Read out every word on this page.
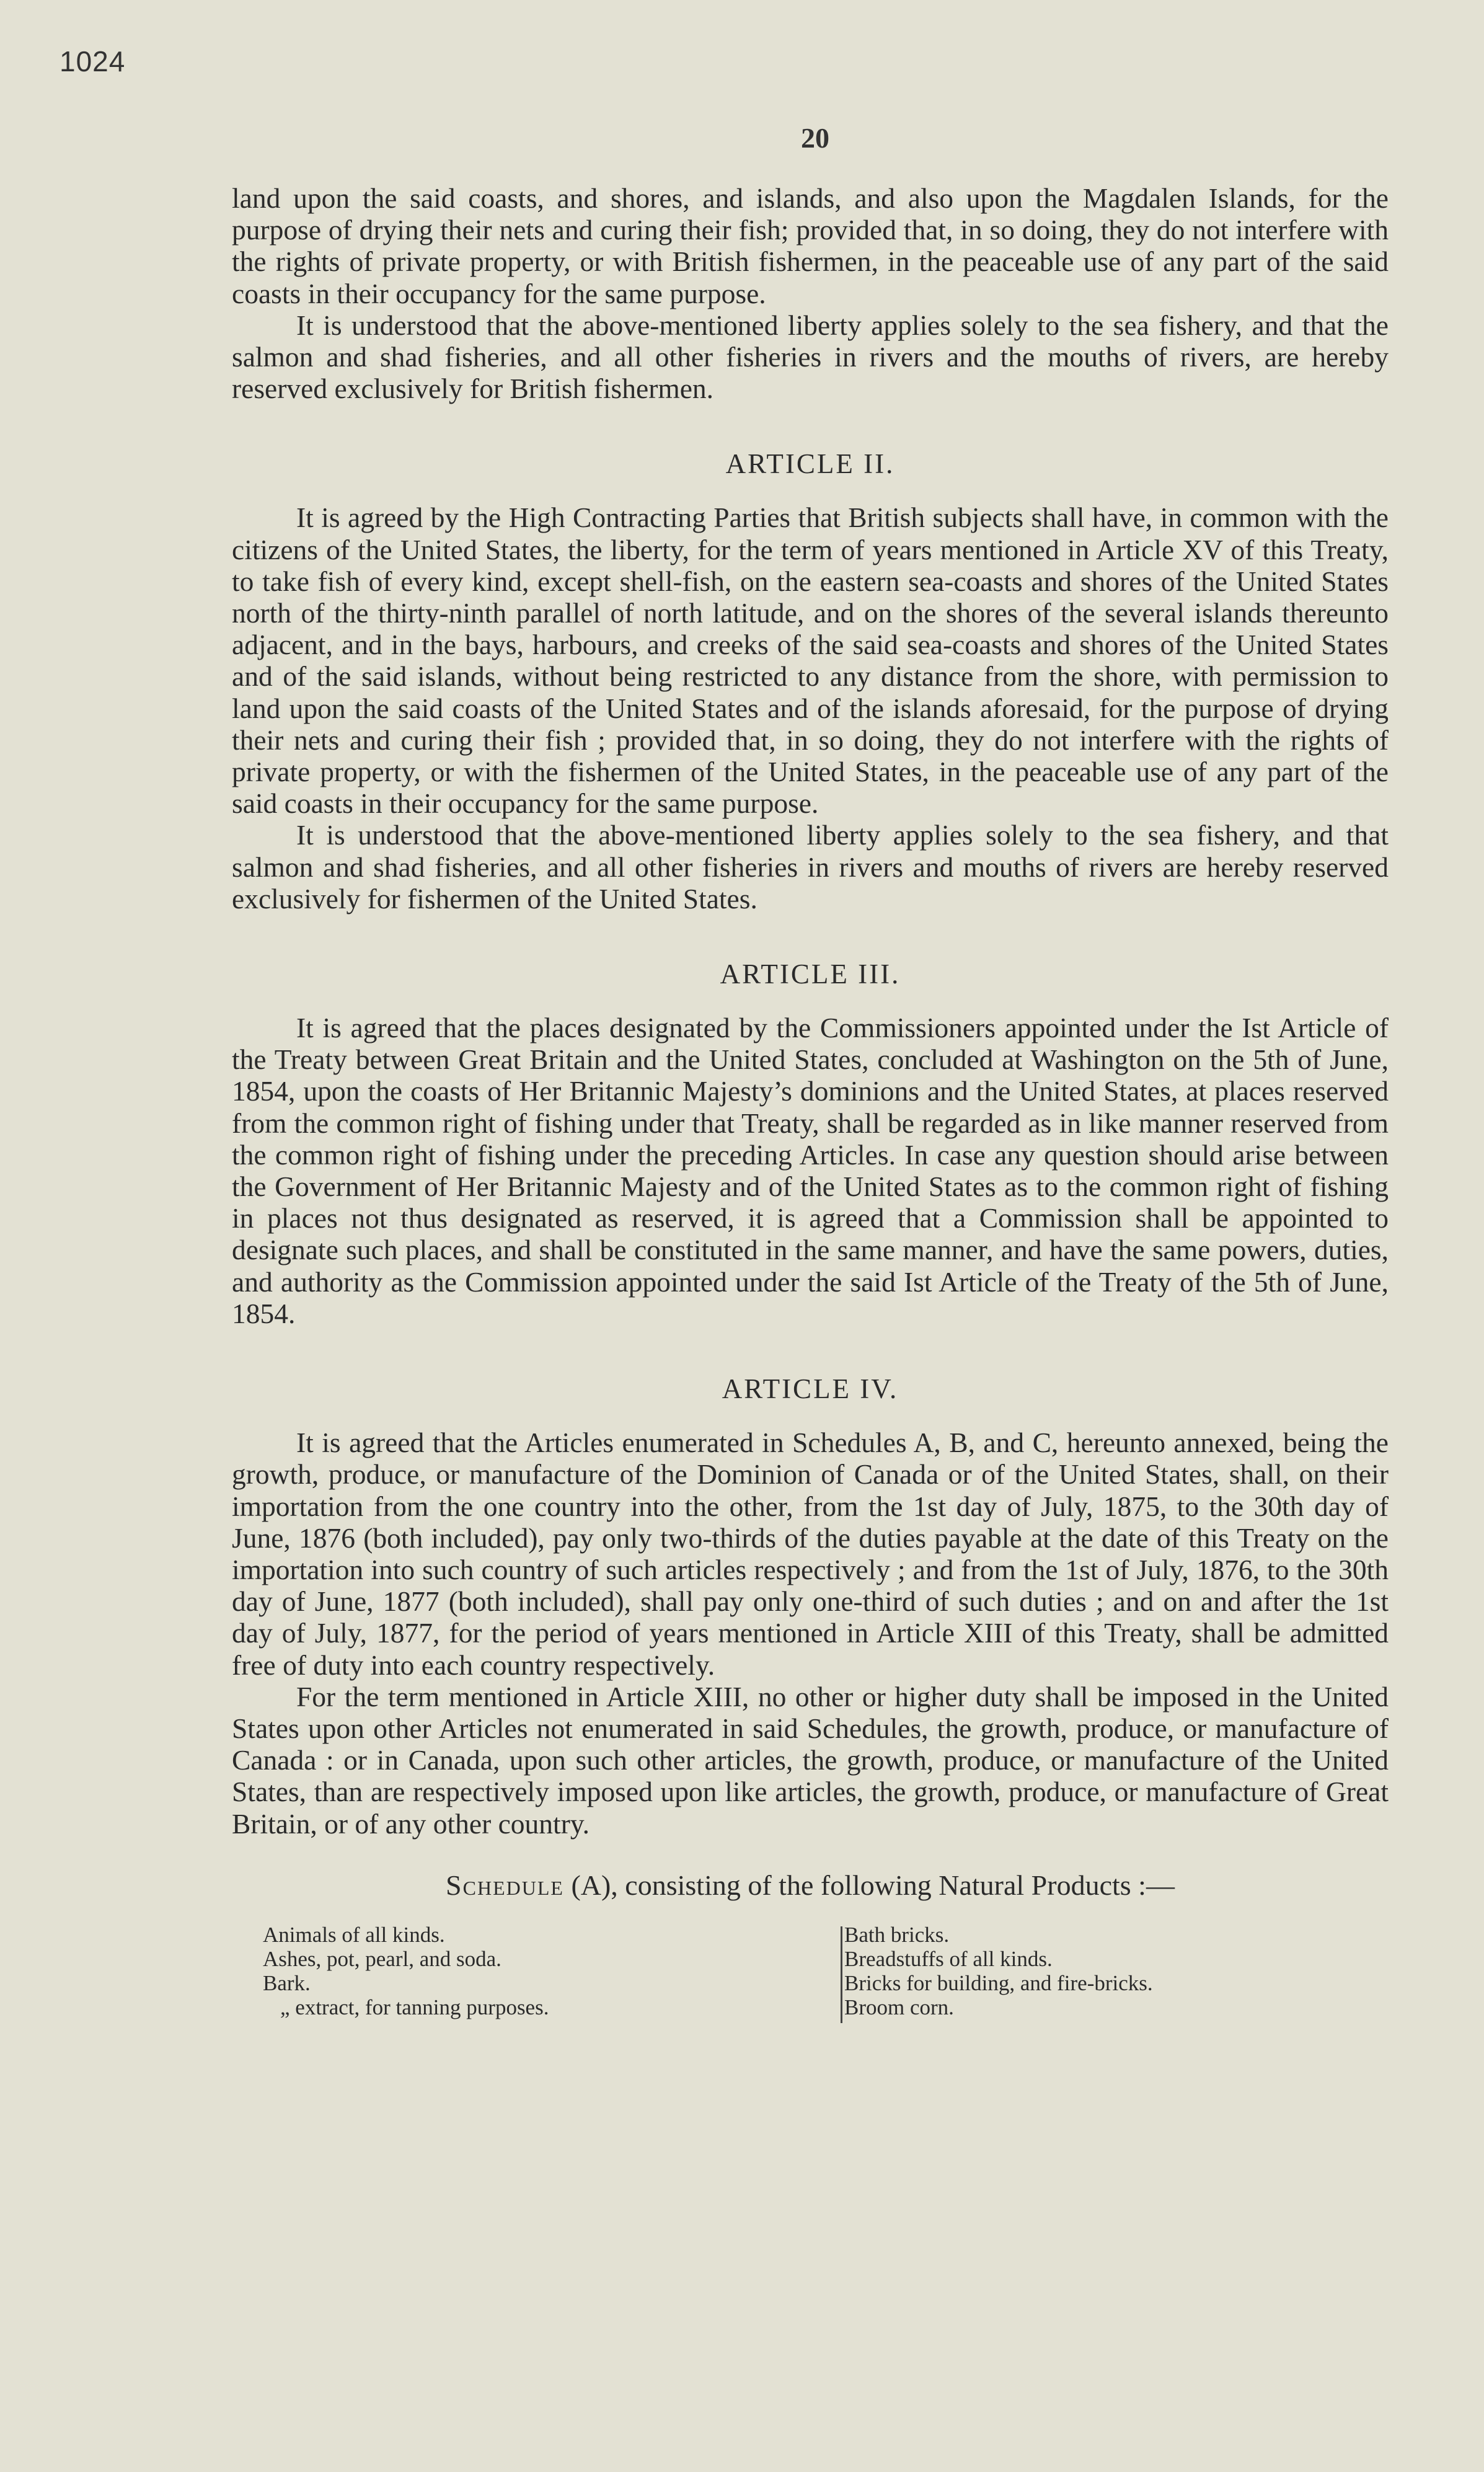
1024
20

land upon the said coasts, and shores, and islands, and also upon the Magdalen Islands, for the purpose of drying their nets and curing their fish; provided that, in so doing, they do not interfere with the rights of private property, or with British fishermen, in the peaceable use of any part of the said coasts in their occupancy for the same purpose.

It is understood that the above-mentioned liberty applies solely to the sea fishery, and that the salmon and shad fisheries, and all other fisheries in rivers and the mouths of rivers, are hereby reserved exclusively for British fishermen.

ARTICLE II.

It is agreed by the High Contracting Parties that British subjects shall have, in common with the citizens of the United States, the liberty, for the term of years mentioned in Article XV of this Treaty, to take fish of every kind, except shell-fish, on the eastern sea-coasts and shores of the United States north of the thirty-ninth parallel of north latitude, and on the shores of the several islands thereunto adjacent, and in the bays, harbours, and creeks of the said sea-coasts and shores of the United States and of the said islands, without being restricted to any distance from the shore, with permission to land upon the said coasts of the United States and of the islands aforesaid, for the purpose of drying their nets and curing their fish ; provided that, in so doing, they do not interfere with the rights of private property, or with the fishermen of the United States, in the peaceable use of any part of the said coasts in their occupancy for the same purpose.

It is understood that the above-mentioned liberty applies solely to the sea fishery, and that salmon and shad fisheries, and all other fisheries in rivers and mouths of rivers are hereby reserved exclusively for fishermen of the United States.

ARTICLE III.

It is agreed that the places designated by the Commissioners appointed under the Ist Article of the Treaty between Great Britain and the United States, concluded at Washington on the 5th of June, 1854, upon the coasts of Her Britannic Majesty’s dominions and the United States, at places reserved from the common right of fishing under that Treaty, shall be regarded as in like manner reserved from the common right of fishing under the preceding Articles. In case any question should arise between the Government of Her Britannic Majesty and of the United States as to the common right of fishing in places not thus designated as reserved, it is agreed that a Commission shall be appointed to designate such places, and shall be constituted in the same manner, and have the same powers, duties, and authority as the Commission appointed under the said Ist Article of the Treaty of the 5th of June, 1854.

ARTICLE IV.

It is agreed that the Articles enumerated in Schedules A, B, and C, hereunto annexed, being the growth, produce, or manufacture of the Dominion of Canada or of the United States, shall, on their importation from the one country into the other, from the 1st day of July, 1875, to the 30th day of June, 1876 (both included), pay only two-thirds of the duties payable at the date of this Treaty on the importation into such country of such articles respectively ; and from the 1st of July, 1876, to the 30th day of June, 1877 (both included), shall pay only one-third of such duties ; and on and after the 1st day of July, 1877, for the period of years mentioned in Article XIII of this Treaty, shall be admitted free of duty into each country respectively.

For the term mentioned in Article XIII, no other or higher duty shall be imposed in the United States upon other Articles not enumerated in said Schedules, the growth, produce, or manufacture of Canada : or in Canada, upon such other articles, the growth, produce, or manufacture of the United States, than are respectively imposed upon like articles, the growth, produce, or manufacture of Great Britain, or of any other country.

Schedule (A), consisting of the following Natural Products :—
Animals of all kinds.
Ashes, pot, pearl, and soda.
Bark.
„ extract, for tanning purposes.
Bath bricks.
Breadstuffs of all kinds.
Bricks for building, and fire-bricks.
Broom corn.
